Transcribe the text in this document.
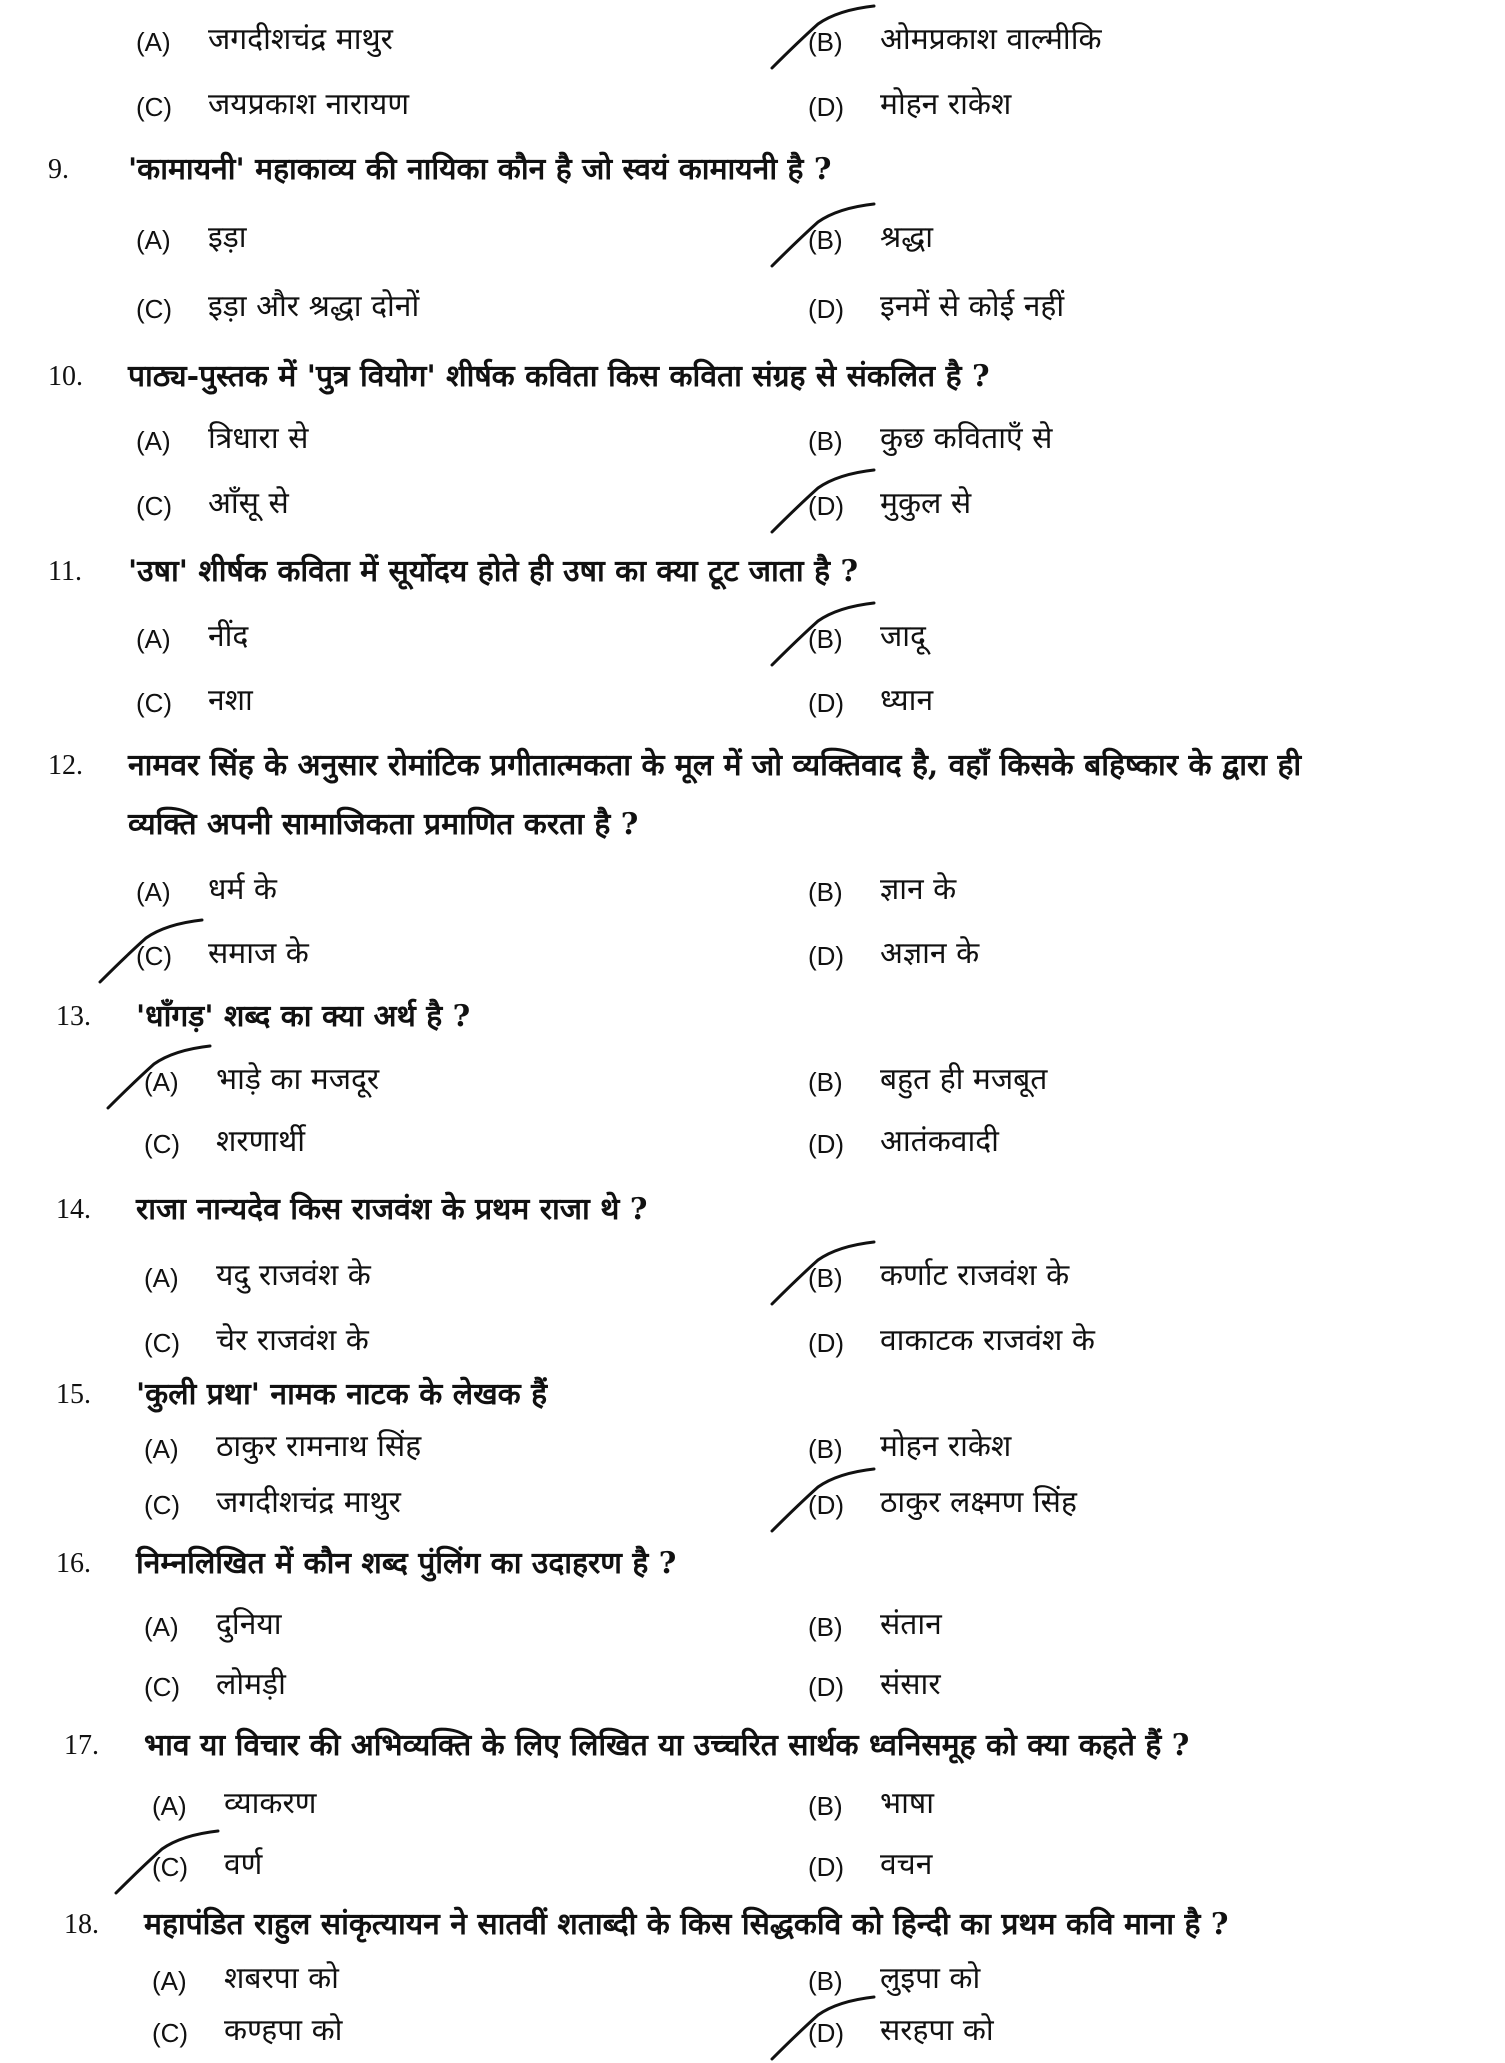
(A) जगदीशचंद्र माथुर	(B) ओमप्रकाश वाल्मीकि
(C) जयप्रकाश नारायण	(D) मोहन राकेश
9. 'कामायनी' महाकाव्य की नायिका कौन है जो स्वयं कामायनी है ?
(A) इड़ा	(B) श्रद्धा
(C) इड़ा और श्रद्धा दोनों	(D) इनमें से कोई नहीं
10. पाठ्य-पुस्तक में 'पुत्र वियोग' शीर्षक कविता किस कविता संग्रह से संकलित है ?
(A) त्रिधारा से	(B) कुछ कविताएँ से
(C) आँसू से	(D) मुकुल से
11. 'उषा' शीर्षक कविता में सूर्योदय होते ही उषा का क्या टूट जाता है ?
(A) नींद	(B) जादू
(C) नशा	(D) ध्यान
12. नामवर सिंह के अनुसार रोमांटिक प्रगीतात्मकता के मूल में जो व्यक्तिवाद है, वहाँ किसके बहिष्कार के द्वारा ही
व्यक्ति अपनी सामाजिकता प्रमाणित करता है ?
(A) धर्म के	(B) ज्ञान के
(C) समाज के	(D) अज्ञान के
13. 'धाँगड़' शब्द का क्या अर्थ है ?
(A) भाड़े का मजदूर	(B) बहुत ही मजबूत
(C) शरणार्थी	(D) आतंकवादी
14. राजा नान्यदेव किस राजवंश के प्रथम राजा थे ?
(A) यदु राजवंश के	(B) कर्णाट राजवंश के
(C) चेर राजवंश के	(D) वाकाटक राजवंश के
15. 'कुली प्रथा' नामक नाटक के लेखक हैं
(A) ठाकुर रामनाथ सिंह	(B) मोहन राकेश
(C) जगदीशचंद्र माथुर	(D) ठाकुर लक्ष्मण सिंह
16. निम्नलिखित में कौन शब्द पुंलिंग का उदाहरण है ?
(A) दुनिया	(B) संतान
(C) लोमड़ी	(D) संसार
17. भाव या विचार की अभिव्यक्ति के लिए लिखित या उच्चरित सार्थक ध्वनिसमूह को क्या कहते हैं ?
(A) व्याकरण	(B) भाषा
(C) वर्ण	(D) वचन
18. महापंडित राहुल सांकृत्यायन ने सातवीं शताब्दी के किस सिद्धकवि को हिन्दी का प्रथम कवि माना है ?
(A) शबरपा को	(B) लुइपा को
(C) कण्हपा को	(D) सरहपा को
